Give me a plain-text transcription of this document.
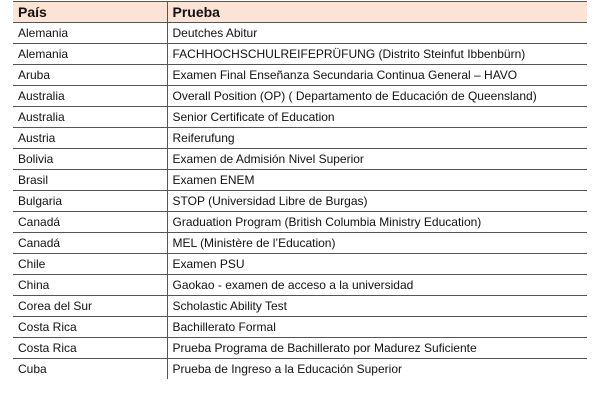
País	Prueba
Alemania	Deutches Abitur
Alemania	FACHHOCHSCHULREIFEPRÜFUNG (Distrito Steinfut Ibbenbürn)
Aruba	Examen Final Enseñanza Secundaria Continua General – HAVO
Australia	Overall Position (OP) ( Departamento de Educación de Queensland)
Australia	Senior Certificate of Education
Austria	Reiferufung
Bolivia	Examen de Admisión Nivel Superior
Brasil	Examen ENEM
Bulgaria	STOP (Universidad Libre de Burgas)
Canadá	Graduation Program (British Columbia Ministry Education)
Canadá	MEL (Ministère de l’Education)
Chile	Examen PSU
China	Gaokao - examen de acceso a la universidad
Corea del Sur	Scholastic Ability Test
Costa Rica	Bachillerato Formal
Costa Rica	Prueba Programa de Bachillerato por Madurez Suficiente
Cuba	Prueba de Ingreso a la Educación Superior
